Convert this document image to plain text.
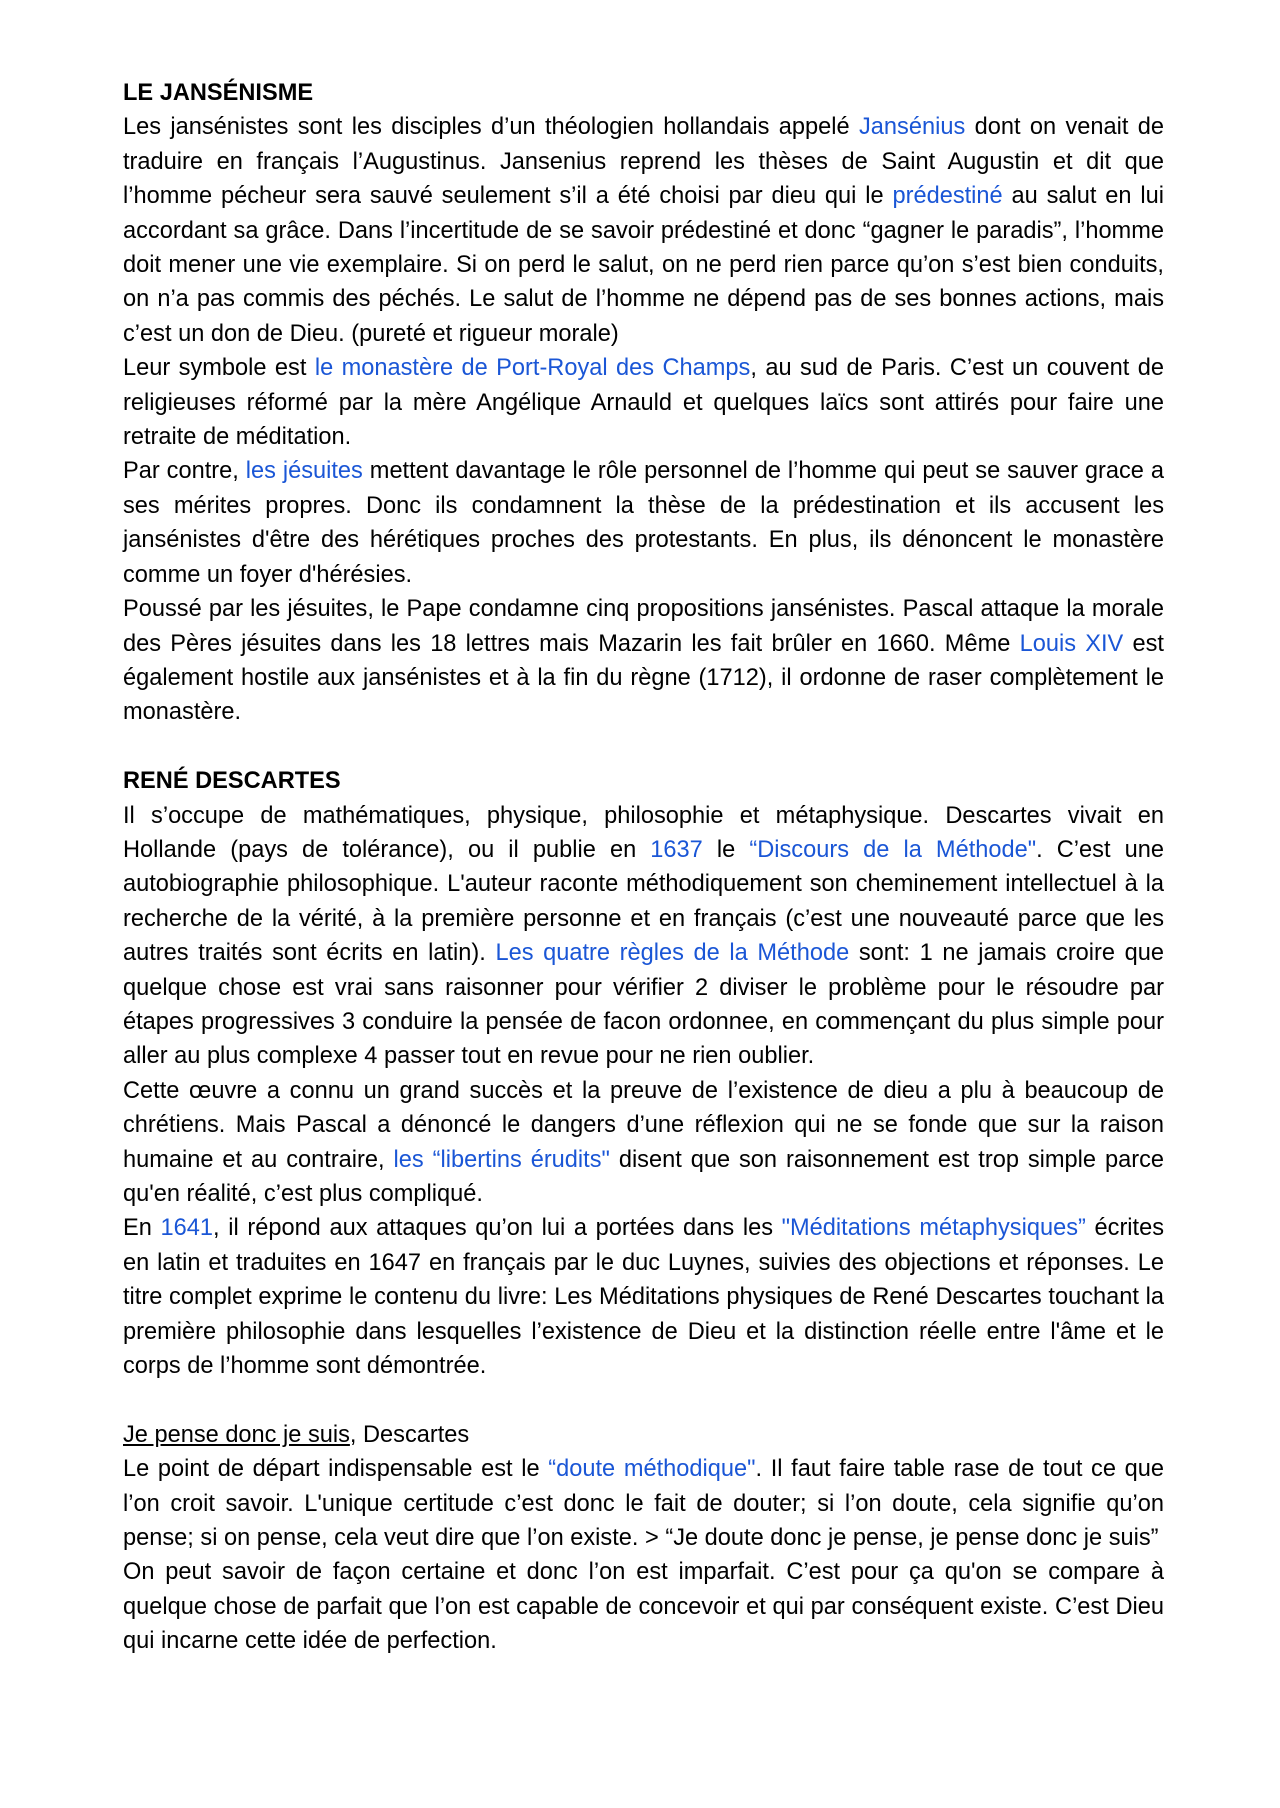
LE JANSÉNISME

Les jansénistes sont les disciples d’un théologien hollandais appelé Jansénius dont on venait de traduire en français l’Augustinus. Jansenius reprend les thèses de Saint Augustin et dit que l’homme pécheur sera sauvé seulement s’il a été choisi par dieu qui le prédestiné au salut en lui accordant sa grâce. Dans l’incertitude de se savoir prédestiné et donc “gagner le paradis”, l’homme doit mener une vie exemplaire. Si on perd le salut, on ne perd rien parce qu’on s’est bien conduits, on n’a pas commis des péchés. Le salut de l’homme ne dépend pas de ses bonnes actions, mais c’est un don de Dieu. (pureté et rigueur morale)

Leur symbole est le monastère de Port-Royal des Champs, au sud de Paris. C’est un couvent de religieuses réformé par la mère Angélique Arnauld et quelques laïcs sont attirés pour faire une retraite de méditation.

Par contre, les jésuites mettent davantage le rôle personnel de l’homme qui peut se sauver grace a ses mérites propres. Donc ils condamnent la thèse de la prédestination et ils accusent les jansénistes d'être des hérétiques proches des protestants. En plus, ils dénoncent le monastère comme un foyer d'hérésies.

Poussé par les jésuites, le Pape condamne cinq propositions jansénistes. Pascal attaque la morale des Pères jésuites dans les 18 lettres mais Mazarin les fait brûler en 1660. Même Louis XIV est également hostile aux jansénistes et à la fin du règne (1712), il ordonne de raser complètement le monastère.

RENÉ DESCARTES

Il s’occupe de mathématiques, physique, philosophie et métaphysique. Descartes vivait en Hollande (pays de tolérance), ou il publie en 1637 le “Discours de la Méthode". C’est une autobiographie philosophique. L'auteur raconte méthodiquement son cheminement intellectuel à la recherche de la vérité, à la première personne et en français (c’est une nouveauté parce que les autres traités sont écrits en latin). Les quatre règles de la Méthode sont: 1 ne jamais croire que quelque chose est vrai sans raisonner pour vérifier 2 diviser le problème pour le résoudre par étapes progressives 3 conduire la pensée de facon ordonnee, en commençant du plus simple pour aller au plus complexe 4 passer tout en revue pour ne rien oublier.

Cette œuvre a connu un grand succès et la preuve de l’existence de dieu a plu à beaucoup de chrétiens. Mais Pascal a dénoncé le dangers d’une réflexion qui ne se fonde que sur la raison humaine et au contraire, les “libertins érudits" disent que son raisonnement est trop simple parce qu'en réalité, c’est plus compliqué.

En 1641, il répond aux attaques qu’on lui a portées dans les "Méditations métaphysiques” écrites en latin et traduites en 1647 en français par le duc Luynes, suivies des objections et réponses. Le titre complet exprime le contenu du livre: Les Méditations physiques de René Descartes touchant la première philosophie dans lesquelles l’existence de Dieu et la distinction réelle entre l'âme et le corps de l’homme sont démontrée.

Je pense donc je suis, Descartes

Le point de départ indispensable est le “doute méthodique". Il faut faire table rase de tout ce que l’on croit savoir. L'unique certitude c’est donc le fait de douter; si l’on doute, cela signifie qu’on pense; si on pense, cela veut dire que l’on existe. > “Je doute donc je pense, je pense donc je suis”

On peut savoir de façon certaine et donc l’on est imparfait. C’est pour ça qu'on se compare à quelque chose de parfait que l’on est capable de concevoir et qui par conséquent existe. C’est Dieu qui incarne cette idée de perfection.
